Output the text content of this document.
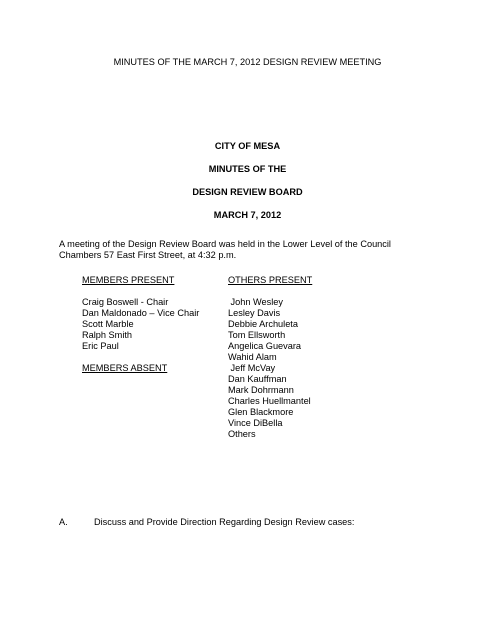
MINUTES OF THE MARCH 7, 2012 DESIGN REVIEW MEETING
CITY OF MESA
MINUTES OF THE
DESIGN REVIEW BOARD
MARCH 7, 2012
A meeting of the Design Review Board was held in the Lower Level of the Council
Chambers 57 East First Street, at 4:32 p.m.
MEMBERS PRESENT
Craig Boswell - Chair
Dan Maldonado – Vice Chair
Scott Marble
Ralph Smith
Eric Paul
MEMBERS ABSENT
OTHERS PRESENT
John Wesley
Lesley Davis
Debbie Archuleta
Tom Ellsworth
Angelica Guevara
Wahid Alam
Jeff McVay
Dan Kauffman
Mark Dohrmann
Charles Huellmantel
Glen Blackmore
Vince DiBella
Others
A.	Discuss and Provide Direction Regarding Design Review cases:
